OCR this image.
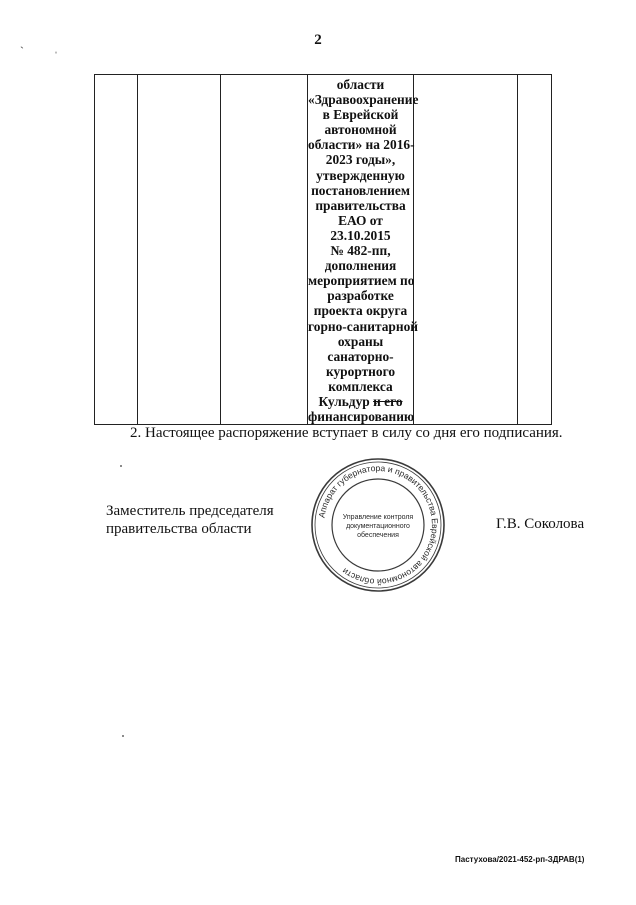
2
ˋ	ˌ

области
«Здравоохранение
в Еврейской
автономной
области» на 2016-
2023 годы»,
утвержденную
постановлением
правительства
ЕАО от
23.10.2015
№ 482-пп,
дополнения
мероприятием по
разработке
проекта округа
горно-санитарной
охраны
санаторно-
курортного
комплекса
Кульдур и его
финансированию

2. Настоящее распоряжение вступает в силу со дня его подписания.
Заместитель председателя
правительства области
Аппарат губернатора и правительства Еврейской автономной области
Управление контроля
документационного
обеспечения
Г.В. Соколова
Пастухова/2021-452-рп-ЗДРАВ(1)
